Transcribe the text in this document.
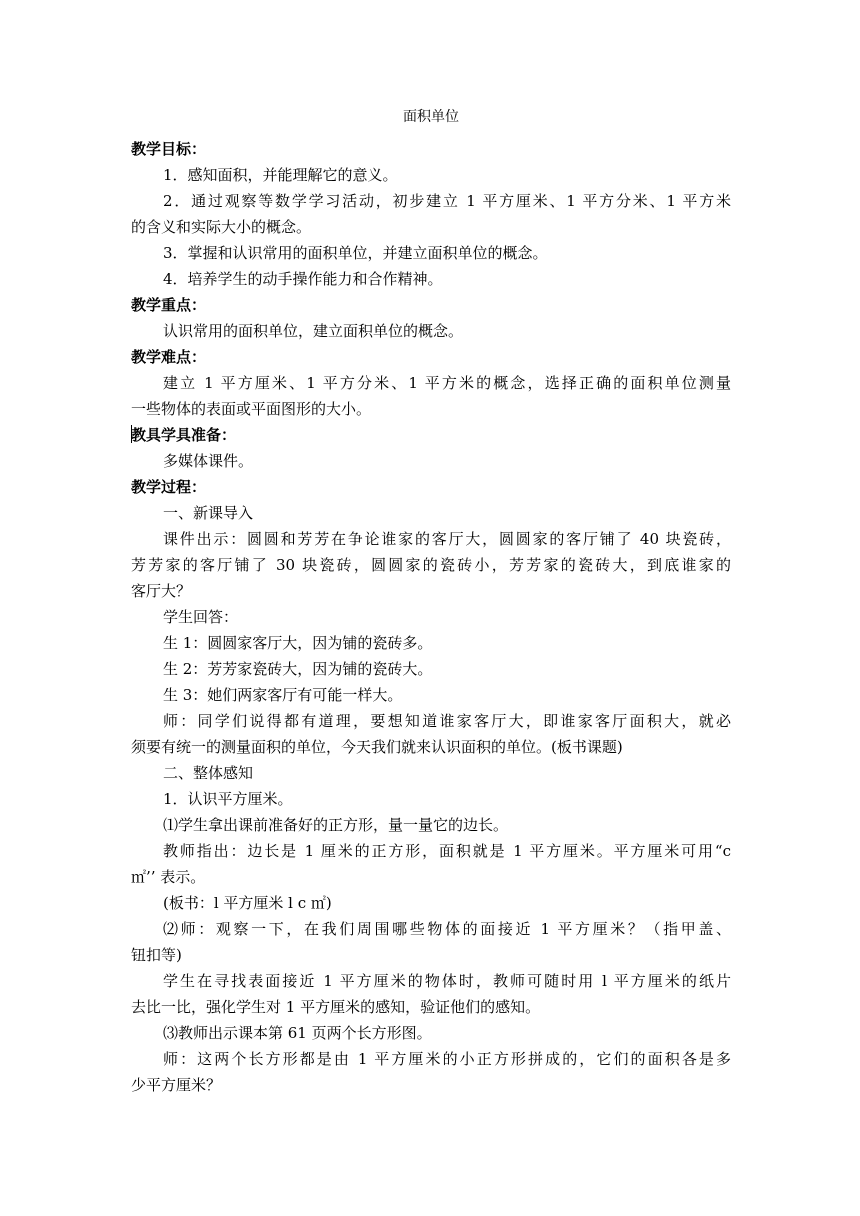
面积单位
教学目标：
1．感知面积，并能理解它的意义。
2．通过观察等数学学习活动，初步建立 1 平方厘米、1 平方分米、1 平方米
的含义和实际大小的概念。
3．掌握和认识常用的面积单位，并建立面积单位的概念。
4．培养学生的动手操作能力和合作精神。
教学重点：
认识常用的面积单位，建立面积单位的概念。
教学难点：
建立 1 平方厘米、1 平方分米、1 平方米的概念，选择正确的面积单位测量
一些物体的表面或平面图形的大小。
教具学具准备：
多媒体课件。
教学过程：
一、新课导入
课件出示：圆圆和芳芳在争论谁家的客厅大，圆圆家的客厅铺了 40 块瓷砖，
芳芳家的客厅铺了 30 块瓷砖，圆圆家的瓷砖小，芳芳家的瓷砖大，到底谁家的
客厅大？
学生回答：
生 1：圆圆家客厅大，因为铺的瓷砖多。
生 2：芳芳家瓷砖大，因为铺的瓷砖大。
生 3：她们两家客厅有可能一样大。
师：同学们说得都有道理，要想知道谁家客厅大，即谁家客厅面积大，就必
须要有统一的测量面积的单位，今天我们就来认识面积的单位。(板书课题)
二、整体感知
1．认识平方厘米。
⑴学生拿出课前准备好的正方形，量一量它的边长。
教师指出：边长是 1 厘米的正方形，面积就是 1 平方厘米。平方厘米可用“c
㎡’’ 表示。
(板书：l 平方厘米 l c ㎡)
⑵师：观察一下，在我们周围哪些物体的面接近 1 平方厘米？（指甲盖、
钮扣等)
学生在寻找表面接近 1 平方厘米的物体时，教师可随时用 l 平方厘米的纸片
去比一比，强化学生对 1 平方厘米的感知，验证他们的感知。
⑶教师出示课本第 61 页两个长方形图。
师：这两个长方形都是由 1 平方厘米的小正方形拼成的，它们的面积各是多
少平方厘米？
